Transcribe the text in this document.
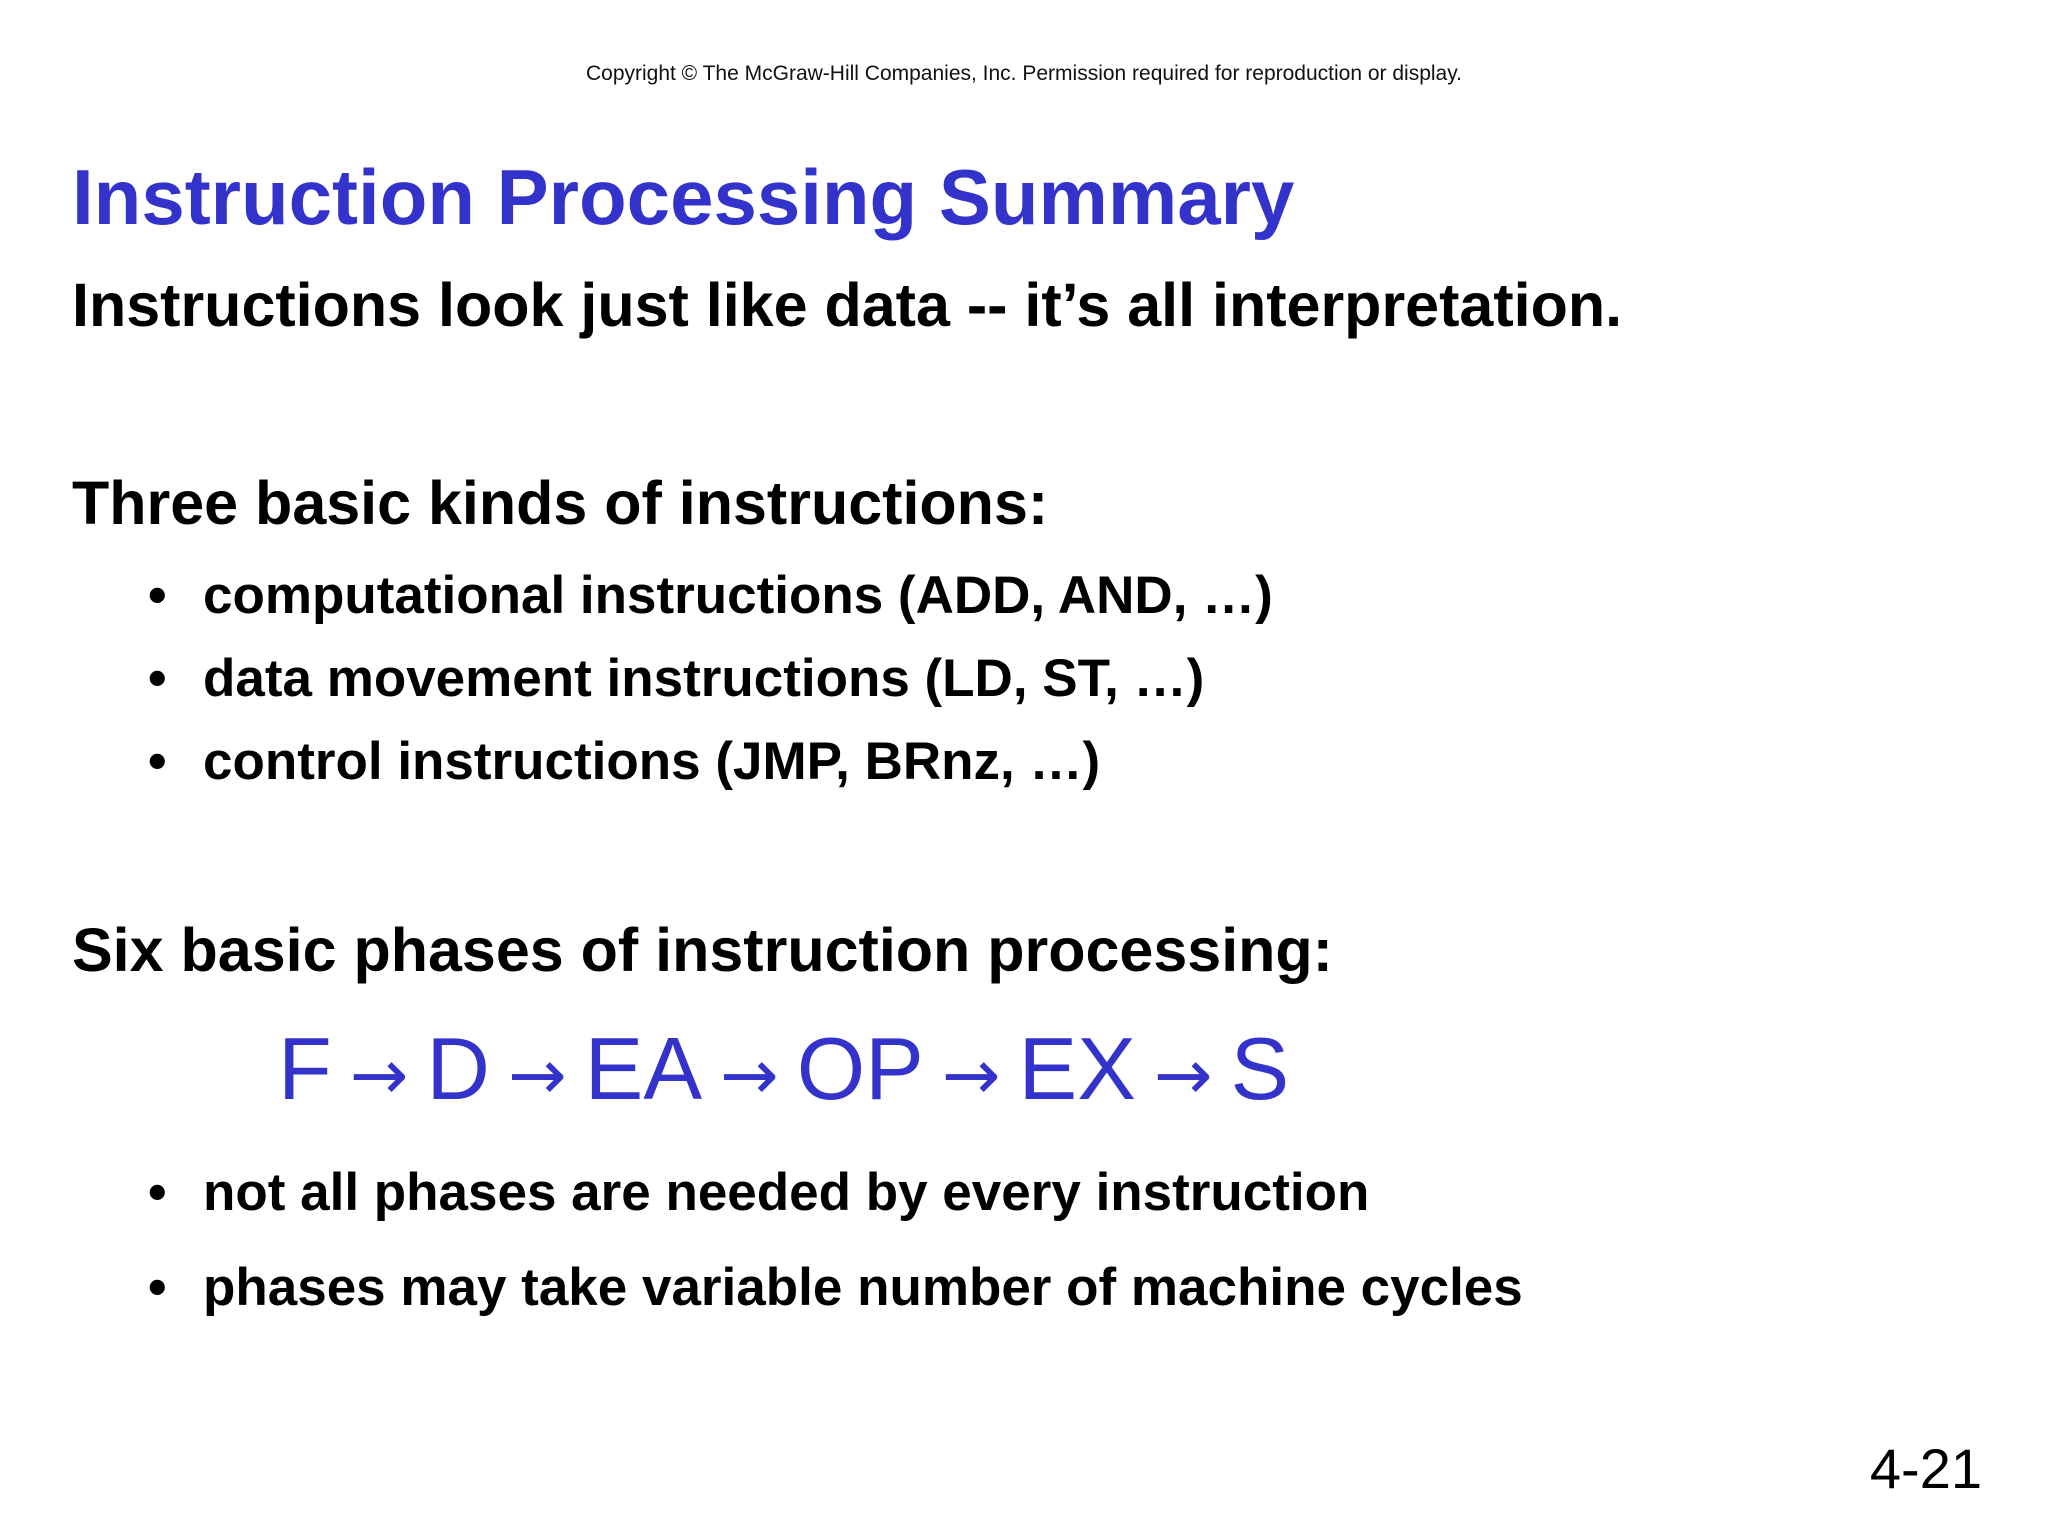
Copyright © The McGraw-Hill Companies, Inc. Permission required for reproduction or display.
Instruction Processing Summary
Instructions look just like data -- it’s all interpretation.
Three basic kinds of instructions:
• computational instructions (ADD, AND, …)
• data movement instructions (LD, ST, …)
• control instructions (JMP, BRnz, …)
Six basic phases of instruction processing:
F → D → EA → OP → EX → S
• not all phases are needed by every instruction
• phases may take variable number of machine cycles
4-21
